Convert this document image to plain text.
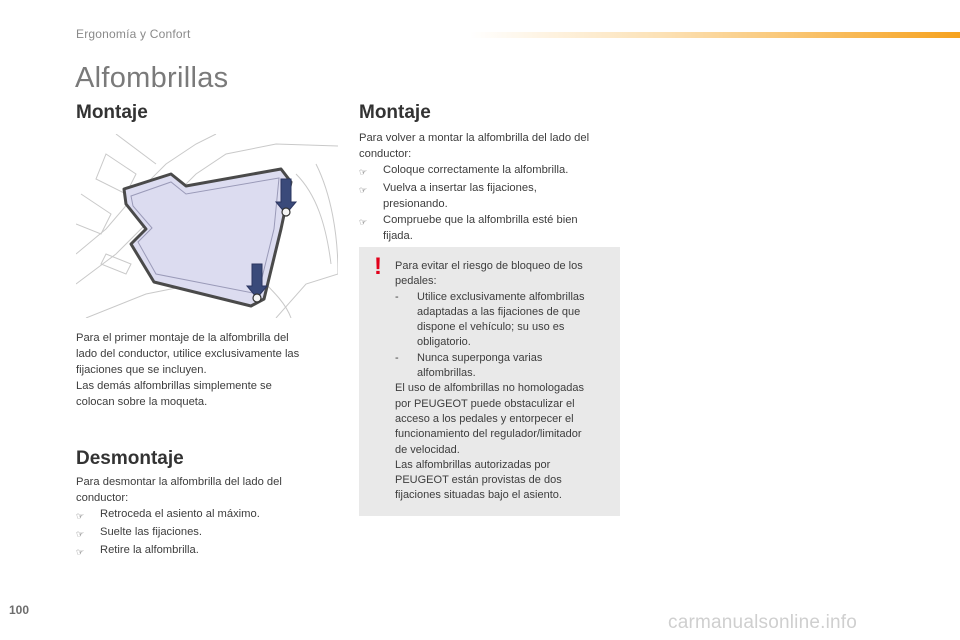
Ergonomía y Confort
Alfombrillas
Montaje

Para el primer montaje de la alfombrilla del

lado del conductor, utilice exclusivamente las

fijaciones que se incluyen.

Las demás alfombrillas simplemente se

colocan sobre la moqueta.

Desmontaje

Para desmontar la alfombrilla del lado del

conductor:

☞	Retroceda el asiento al máximo.
☞	Suelte las fijaciones.
☞	Retire la alfombrilla.
Montaje

Para volver a montar la alfombrilla del lado del

conductor:

☞	Coloque correctamente la alfombrilla.
☞	Vuelva a insertar las fijaciones,
presionando.
☞	Compruebe que la alfombrilla esté bien
fijada.
! Para evitar el riesgo de bloqueo de los

pedales:

-	Utilice exclusivamente alfombrillas
adaptadas a las fijaciones de que
dispone el vehículo; su uso es
obligatorio.
-	Nunca superponga varias
alfombrillas.

El uso de alfombrillas no homologadas

por PEUGEOT puede obstaculizar el

acceso a los pedales y entorpecer el

funcionamiento del regulador/limitador

de velocidad.

Las alfombrillas autorizadas por

PEUGEOT están provistas de dos

fijaciones situadas bajo el asiento.

100
carmanualsonline.info
